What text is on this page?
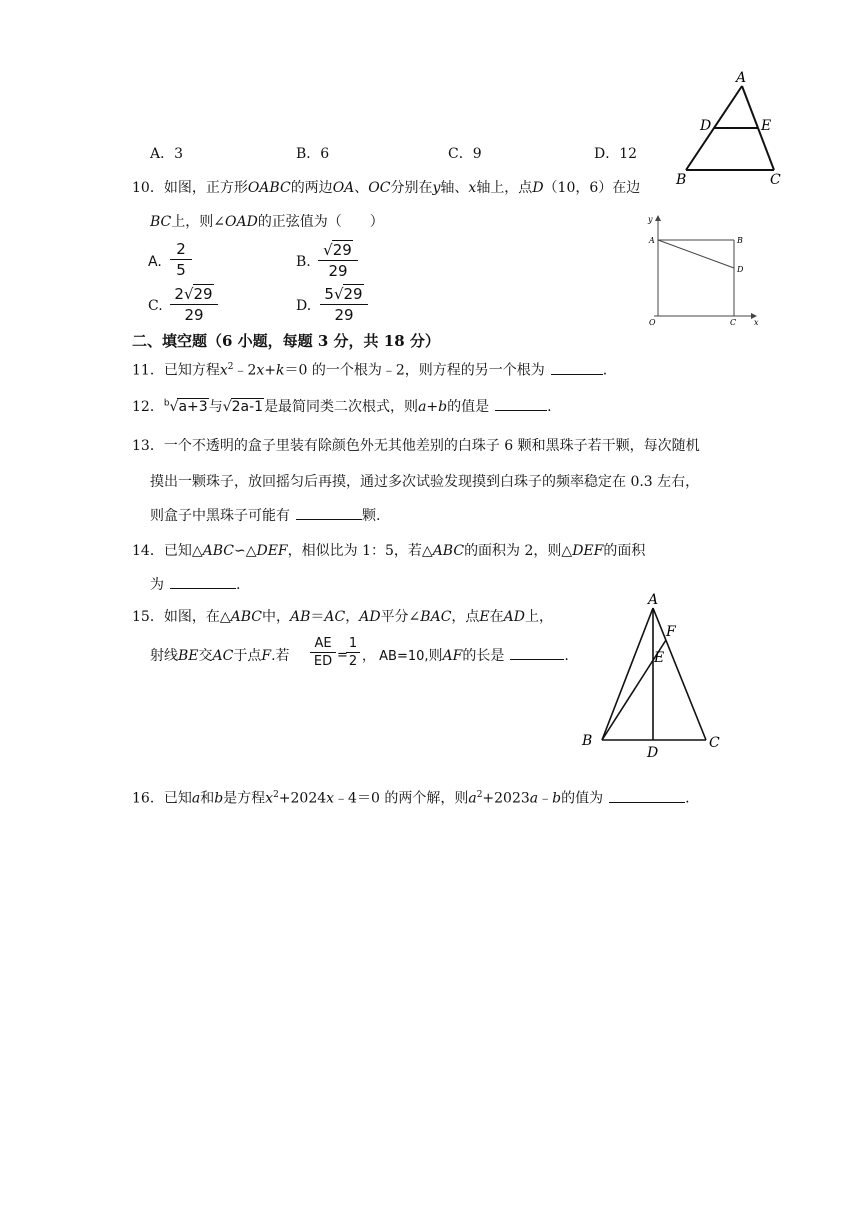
A．3	B．6	C．9	D．12
A
D	E
B	C
10．如图，正方形OABC的两边OA、OC分别在y轴、x轴上，点D（10，6）在边
BC上，则∠OAD的正弦值为（　　）
A.
2
5	B.
√29
29
C.
2√29
29	D.
5√29
29
y
A	B
D
O	C x
二、填空题（6 小题，每题 3 分，共 18 分）
11．已知方程$x^2﹣2x+k=0$ 的一个根为﹣2，则方程的另一个根为	.
12．$^b$√a+3与√2a-1是最简同类二次根式，则a+b的值是	.
13．一个不透明的盒子里装有除颜色外无其他差别的白珠子 6 颗和黑珠子若干颗，每次随机
摸出一颗珠子，放回摇匀后再摸，通过多次试验发现摸到白珠子的频率稳定在 0.3 左右，
则盒子中黑珠子可能有	颗.
14．已知△ABC∽△DEF，相似比为 1：5，若△ABC的面积为 2，则△DEF的面积
为	.
15．如图，在△ABC中，AB＝AC，AD平分∠BAC，点E在AD上，
射线BE交AC于点F.若
AE
ED =
1
2 ， AB=10,则AF的长是	.
A
F
E
B
D
C
16．已知a和b是方程$x^2+2024x﹣4=0$ 的两个解，则$a^2+2023a﹣b$的值为	.
